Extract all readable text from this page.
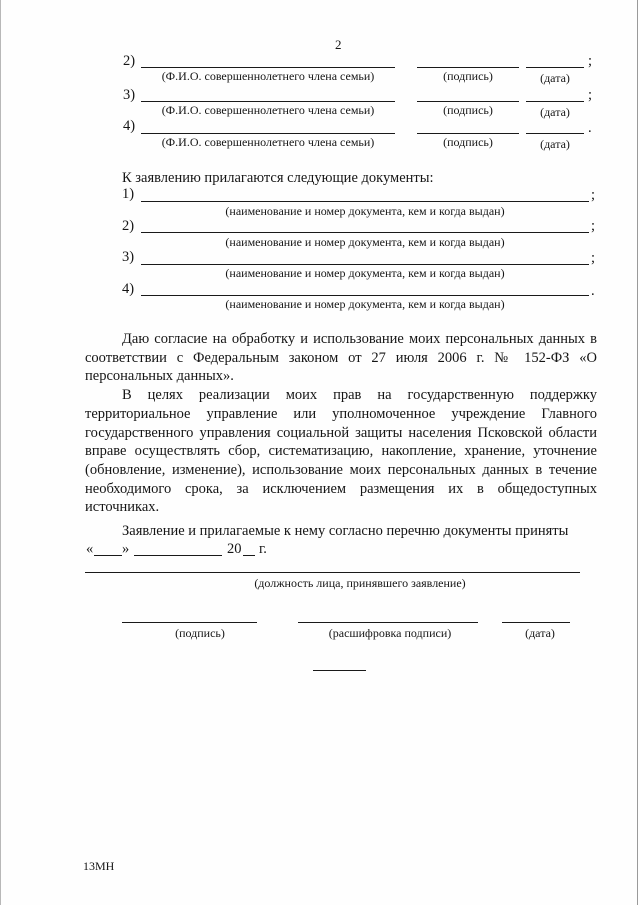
2
2)	;
(Ф.И.О. совершеннолетнего члена семьи)	(подпись)	(дата)
3)	;
(Ф.И.О. совершеннолетнего члена семьи)	(подпись)	(дата)
4)	.
(Ф.И.О. совершеннолетнего члена семьи)	(подпись)	(дата)
К заявлению прилагаются следующие документы:
1)	;
(наименование и номер документа, кем и когда выдан)
2)	;
(наименование и номер документа, кем и когда выдан)
3)	;
(наименование и номер документа, кем и когда выдан)
4)	.
(наименование и номер документа, кем и когда выдан)

Даю согласие на обработку и использование моих персональных данных в соответствии с Федеральным законом от 27 июля 2006 г. № 152-ФЗ «О персональных данных».

В целях реализации моих прав на государственную поддержку территориальное управление или уполномоченное учреждение Главного государственного управления социальной защиты населения Псковской области вправе осуществлять сбор, систематизацию, накопление, хранение, уточнение (обновление, изменение), использование моих персональных данных в течение необходимого срока, за исключением размещения их в общедоступных источниках.

Заявление и прилагаемые к нему согласно перечню документы приняты
« »	20 г.
(должность лица, принявшего заявление)
(подпись)	(расшифровка подписи)	(дата)
13МН
